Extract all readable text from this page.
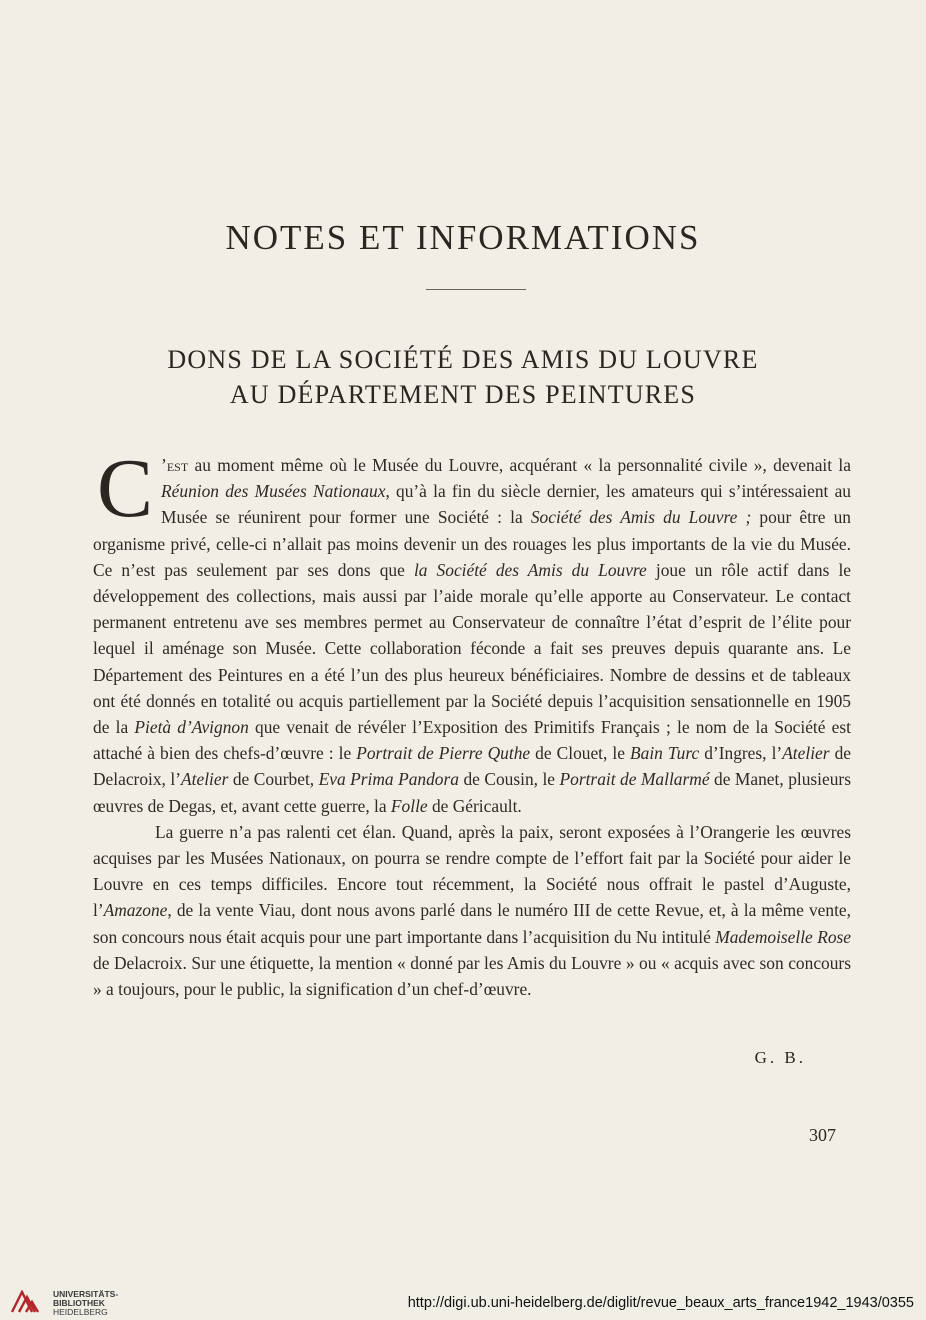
NOTES ET INFORMATIONS
DONS DE LA SOCIÉTÉ DES AMIS DU LOUVRE
AU DÉPARTEMENT DES PEINTURES

C ’est au moment même où le Musée du Louvre, acquérant « la personnalité civile », devenait la Réunion des Musées Nationaux, qu’à la fin du siècle dernier, les amateurs qui s’intéressaient au Musée se réunirent pour former une Société : la Société des Amis du Louvre ; pour être un organisme privé, celle-ci n’allait pas moins devenir un des rouages les plus importants de la vie du Musée. Ce n’est pas seulement par ses dons que la Société des Amis du Louvre joue un rôle actif dans le développement des collections, mais aussi par l’aide morale qu’elle apporte au Conservateur. Le contact permanent entretenu ave ses membres permet au Conservateur de connaître l’état d’esprit de l’élite pour lequel il aménage son Musée. Cette collaboration féconde a fait ses preuves depuis quarante ans. Le Département des Peintures en a été l’un des plus heureux bénéficiaires. Nombre de dessins et de tableaux ont été donnés en totalité ou acquis partiellement par la Société depuis l’acquisition sensationnelle en 1905 de la Pietà d’Avignon que venait de révéler l’Exposition des Primitifs Français ; le nom de la Société est attaché à bien des chefs-d’œuvre : le Portrait de Pierre Quthe de Clouet, le Bain Turc d’Ingres, l’Atelier de Delacroix, l’Atelier de Courbet, Eva Prima Pandora de Cousin, le Portrait de Mallarmé de Manet, plusieurs œuvres de Degas, et, avant cette guerre, la Folle de Géricault.

La guerre n’a pas ralenti cet élan. Quand, après la paix, seront exposées à l’Orangerie les œuvres acquises par les Musées Nationaux, on pourra se rendre compte de l’effort fait par la Société pour aider le Louvre en ces temps difficiles. Encore tout récemment, la Société nous offrait le pastel d’Auguste, l’Amazone, de la vente Viau, dont nous avons parlé dans le numéro III de cette Revue, et, à la même vente, son concours nous était acquis pour une part importante dans l’acquisition du Nu intitulé Mademoiselle Rose de Delacroix. Sur une étiquette, la mention « donné par les Amis du Louvre » ou « acquis avec son concours » a toujours, pour le public, la signification d’un chef-d’œuvre.

G. B.
307
UNIVERSITÄTS-
BIBLIOTHEK
HEIDELBERG
http://digi.ub.uni-heidelberg.de/diglit/revue_beaux_arts_france1942_1943/0355
